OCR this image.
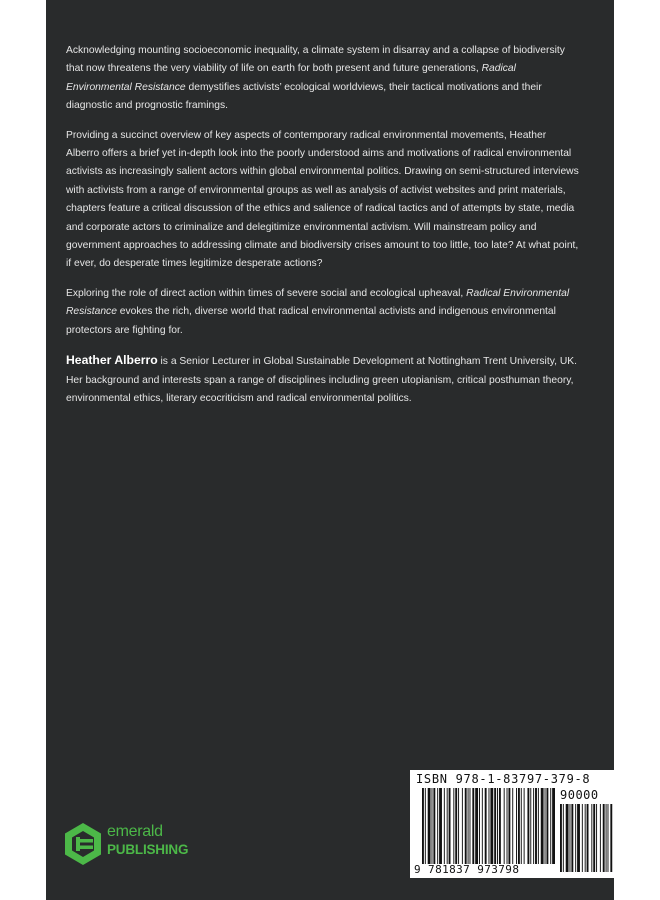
Acknowledging mounting socioeconomic inequality, a climate system in disarray and a collapse of biodiversity that now threatens the very viability of life on earth for both present and future generations, Radical Environmental Resistance demystifies activists’ ecological worldviews, their tactical motivations and their diagnostic and prognostic framings.

Providing a succinct overview of key aspects of contemporary radical environmental movements, Heather Alberro offers a brief yet in-depth look into the poorly understood aims and motivations of radical environmental activists as increasingly salient actors within global environmental politics. Drawing on semi-structured interviews with activists from a range of environmental groups as well as analysis of activist websites and print materials, chapters feature a critical discussion of the ethics and salience of radical tactics and of attempts by state, media and corporate actors to criminalize and delegitimize environmental activism. Will mainstream policy and government approaches to addressing climate and biodiversity crises amount to too little, too late? At what point, if ever, do desperate times legitimize desperate actions?

Exploring the role of direct action within times of severe social and ecological upheaval, Radical Environmental Resistance evokes the rich, diverse world that radical environmental activists and indigenous environmental protectors are fighting for.

Heather Alberro is a Senior Lecturer in Global Sustainable Development at Nottingham Trent University, UK. Her background and interests span a range of disciplines including green utopianism, critical posthuman theory, environmental ethics, literary ecocriticism and radical environmental politics.

emerald
PUBLISHING
ISBN 978-1-83797-379-8
90000
9 781837 973798
